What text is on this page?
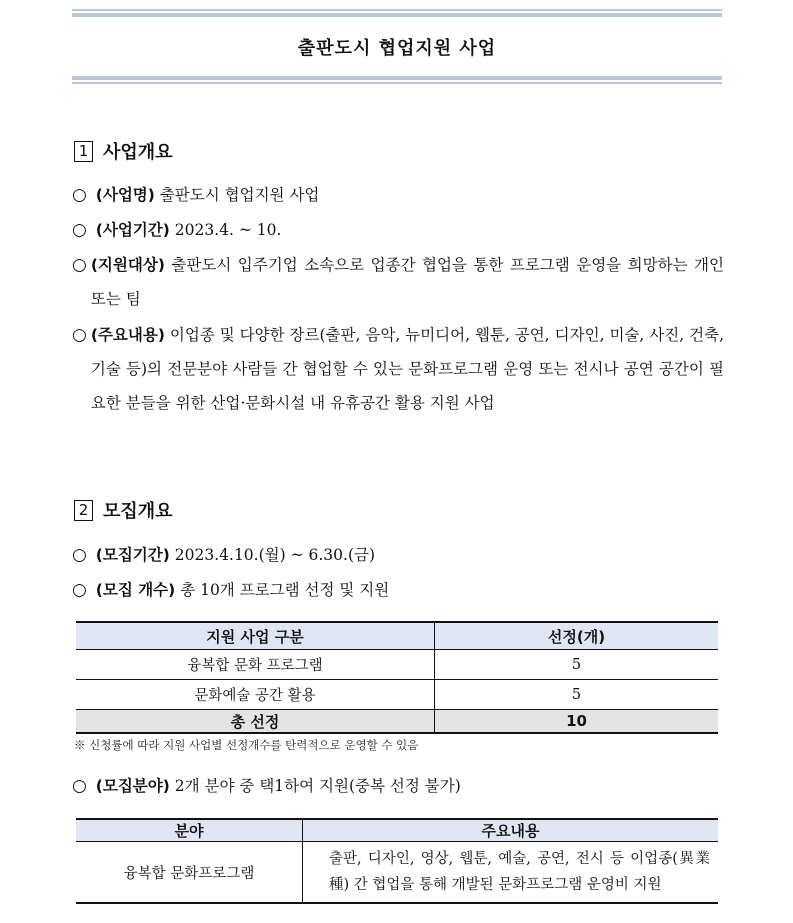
출판도시 협업지원 사업
1 사업개요
○ (사업명) 출판도시 협업지원 사업
○ (사업기간) 2023.4. ~ 10.
○ (지원대상) 출판도시 입주기업 소속으로 업종간 협업을 통한 프로그램 운영을 희망하는 개인 또는 팀
○ (주요내용) 이업종 및 다양한 장르(출판, 음악, 뉴미디어, 웹툰, 공연, 디자인, 미술, 사진, 건축, 기술 등)의 전문분야 사람들 간 협업할 수 있는 문화프로그램 운영 또는 전시나 공연 공간이 필요한 분들을 위한 산업·문화시설 내 유휴공간 활용 지원 사업
2 모집개요
○ (모집기간) 2023.4.10.(월) ~ 6.30.(금)
○ (모집 개수) 총 10개 프로그램 선정 및 지원
지원 사업 구분	선정(개)
융복합 문화 프로그램	5
문화예술 공간 활용	5
총 선정	10
※ 신청률에 따라 지원 사업별 선정개수를 탄력적으로 운영할 수 있음
○ (모집분야) 2개 분야 중 택1하여 지원(중복 선정 불가)
분야	주요내용
융복합 문화프로그램	출판, 디자인, 영상, 웹툰, 예술, 공연, 전시 등 이업종(異業種) 간 협업을 통해 개발된 문화프로그램 운영비 지원
